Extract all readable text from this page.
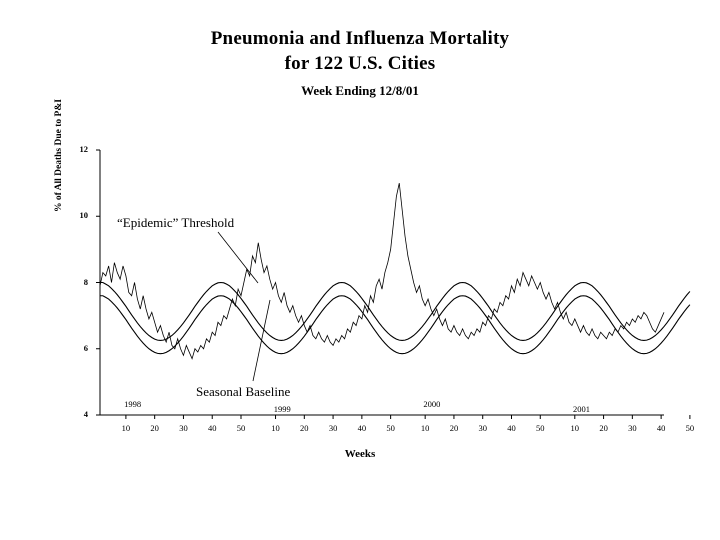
Pneumonia and Influenza Mortality
for 122 U.S. Cities
Week Ending 12/8/01
% of All Deaths Due to P&I
Weeks
“Epidemic” Threshold
Seasonal Baseline
4
6
8
10
12
10	20	30	40	50	10	20	30	40	50	10	20	30	40	50	10	20	30	40	50
1998	1999	2000	2001
